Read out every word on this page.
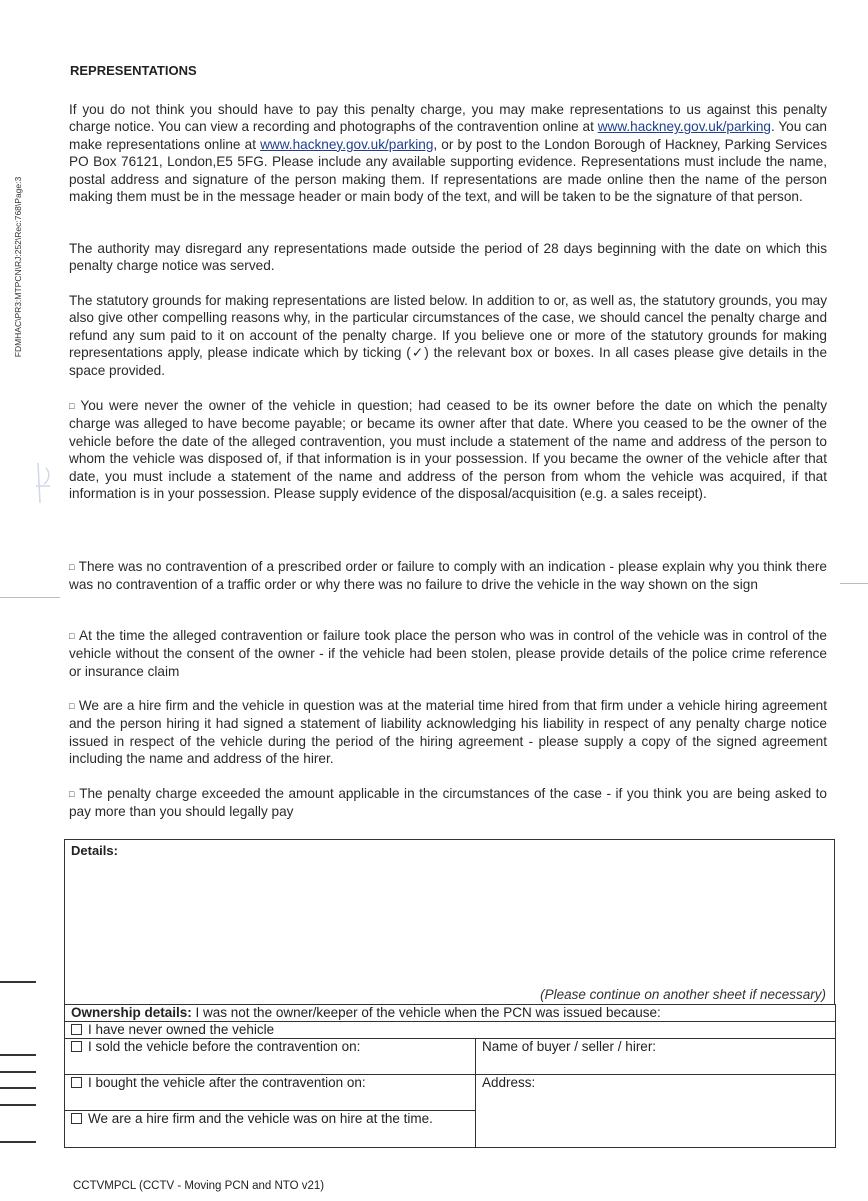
FDMHAC\PR3:MTPCN\RJ:252\Rec:768\Page:3
REPRESENTATIONS
If you do not think you should have to pay this penalty charge, you may make representations to us against this penalty charge notice. You can view a recording and photographs of the contravention online at www.hackney.gov.uk/parking. You can make representations online at www.hackney.gov.uk/parking, or by post to the London Borough of Hackney, Parking Services PO Box 76121, London,E5 5FG. Please include any available supporting evidence. Representations must include the name, postal address and signature of the person making them. If representations are made online then the name of the person making them must be in the message header or main body of the text, and will be taken to be the signature of that person.
The authority may disregard any representations made outside the period of 28 days beginning with the date on which this penalty charge notice was served.
The statutory grounds for making representations are listed below. In addition to or, as well as, the statutory grounds, you may also give other compelling reasons why, in the particular circumstances of the case, we should cancel the penalty charge and refund any sum paid to it on account of the penalty charge. If you believe one or more of the statutory grounds for making representations apply, please indicate which by ticking (✓) the relevant box or boxes. In all cases please give details in the space provided.
□ You were never the owner of the vehicle in question; had ceased to be its owner before the date on which the penalty charge was alleged to have become payable; or became its owner after that date. Where you ceased to be the owner of the vehicle before the date of the alleged contravention, you must include a statement of the name and address of the person to whom the vehicle was disposed of, if that information is in your possession. If you became the owner of the vehicle after that date, you must include a statement of the name and address of the person from whom the vehicle was acquired, if that information is in your possession. Please supply evidence of the disposal/acquisition (e.g. a sales receipt).
□ There was no contravention of a prescribed order or failure to comply with an indication - please explain why you think there was no contravention of a traffic order or why there was no failure to drive the vehicle in the way shown on the sign
□ At the time the alleged contravention or failure took place the person who was in control of the vehicle was in control of the vehicle without the consent of the owner - if the vehicle had been stolen, please provide details of the police crime reference or insurance claim
□ We are a hire firm and the vehicle in question was at the material time hired from that firm under a vehicle hiring agreement and the person hiring it had signed a statement of liability acknowledging his liability in respect of any penalty charge notice issued in respect of the vehicle during the period of the hiring agreement - please supply a copy of the signed agreement including the name and address of the hirer.
□ The penalty charge exceeded the amount applicable in the circumstances of the case - if you think you are being asked to pay more than you should legally pay
Details:
(Please continue on another sheet if necessary)
Ownership details: I was not the owner/keeper of the vehicle when the PCN was issued because:	
I have never owned the vehicle	
I sold the vehicle before the contravention on:	Name of buyer / seller / hirer:
I bought the vehicle after the contravention on:	Address:
We are a hire firm and the vehicle was on hire at the time.	
CCTVMPCL (CCTV - Moving PCN and NTO v21)
